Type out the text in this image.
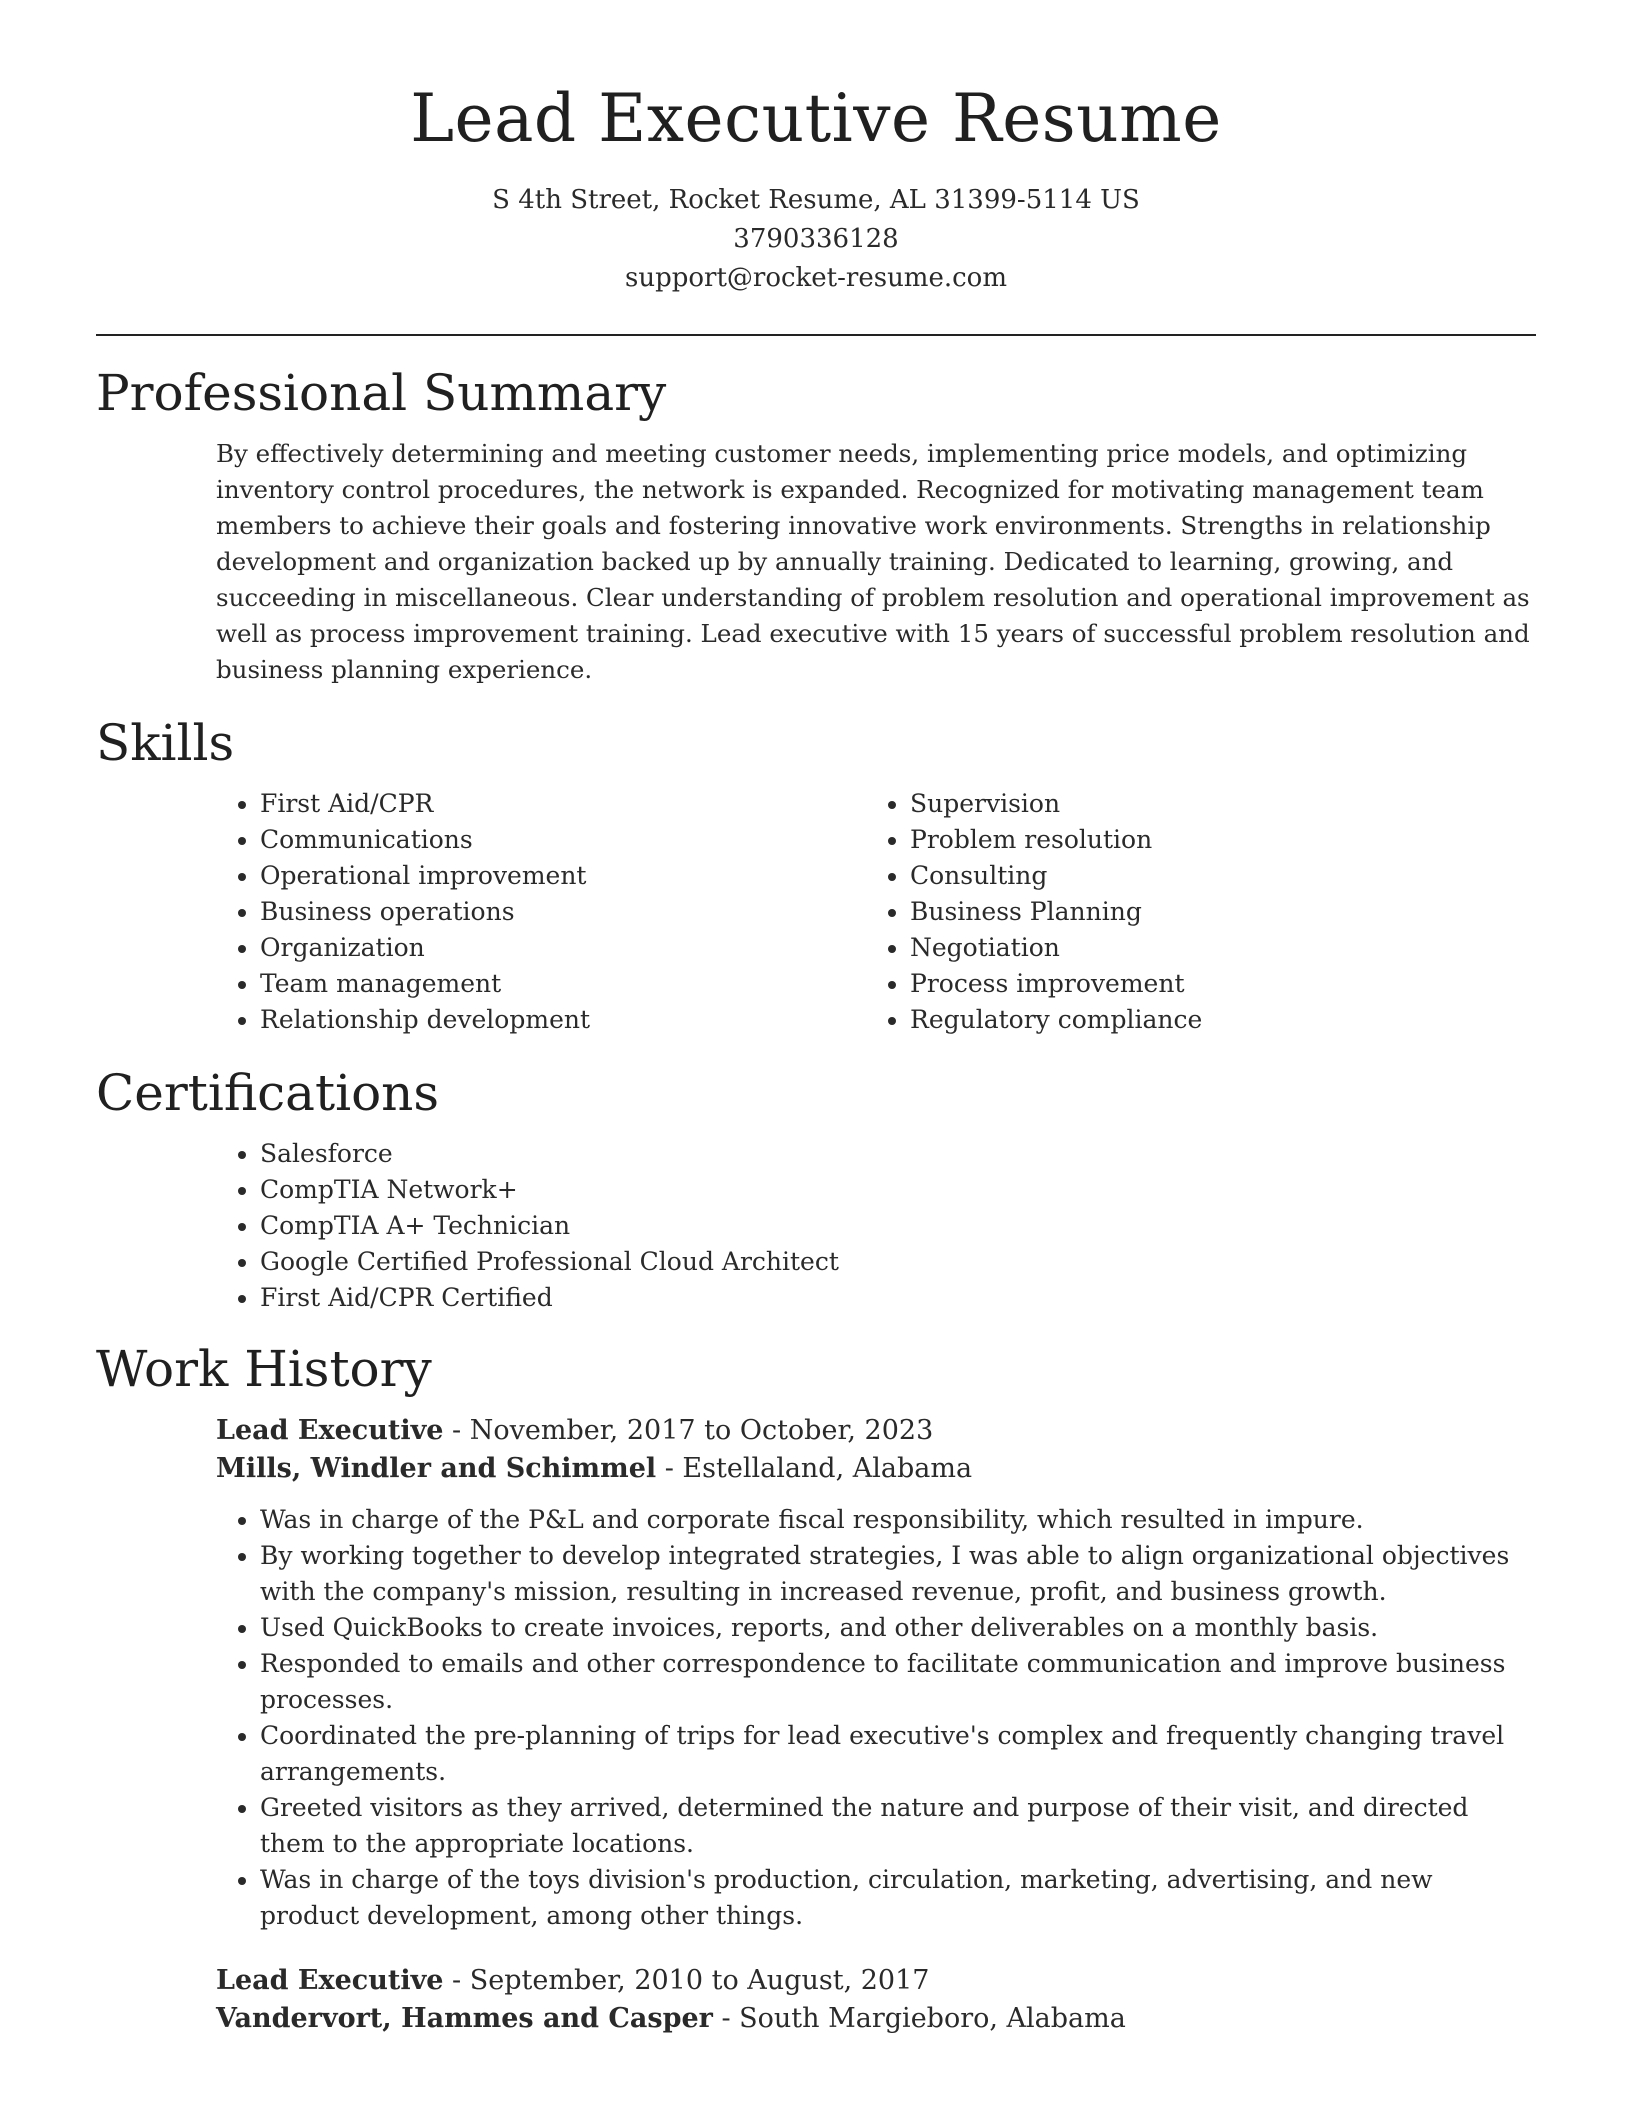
Lead Executive Resume
S 4th Street, Rocket Resume, AL 31399-5114 US
3790336128
support@rocket-resume.com
Professional Summary

By effectively determining and meeting customer needs, implementing price models, and optimizing inventory control procedures, the network is expanded. Recognized for motivating management team members to achieve their goals and fostering innovative work environments. Strengths in relationship development and organization backed up by annually training. Dedicated to learning, growing, and succeeding in miscellaneous. Clear understanding of problem resolution and operational improvement as well as process improvement training. Lead executive with 15 years of successful problem resolution and business planning experience.

Skills
• First Aid/CPR
• Communications
• Operational improvement
• Business operations
• Organization
• Team management
• Relationship development
• Supervision
• Problem resolution
• Consulting
• Business Planning
• Negotiation
• Process improvement
• Regulatory compliance
Certifications
• Salesforce
• CompTIA Network+
• CompTIA A+ Technician
• Google Certified Professional Cloud Architect
• First Aid/CPR Certified
Work History
Lead Executive - November, 2017 to October, 2023
Mills, Windler and Schimmel - Estellaland, Alabama
• Was in charge of the P&L and corporate fiscal responsibility, which resulted in impure.
• By working together to develop integrated strategies, I was able to align organizational objectives with the company's mission, resulting in increased revenue, profit, and business growth.
• Used QuickBooks to create invoices, reports, and other deliverables on a monthly basis.
• Responded to emails and other correspondence to facilitate communication and improve business processes.
• Coordinated the pre-planning of trips for lead executive's complex and frequently changing travel arrangements.
• Greeted visitors as they arrived, determined the nature and purpose of their visit, and directed them to the appropriate locations.
• Was in charge of the toys division's production, circulation, marketing, advertising, and new product development, among other things.
Lead Executive - September, 2010 to August, 2017
Vandervort, Hammes and Casper - South Margieboro, Alabama
